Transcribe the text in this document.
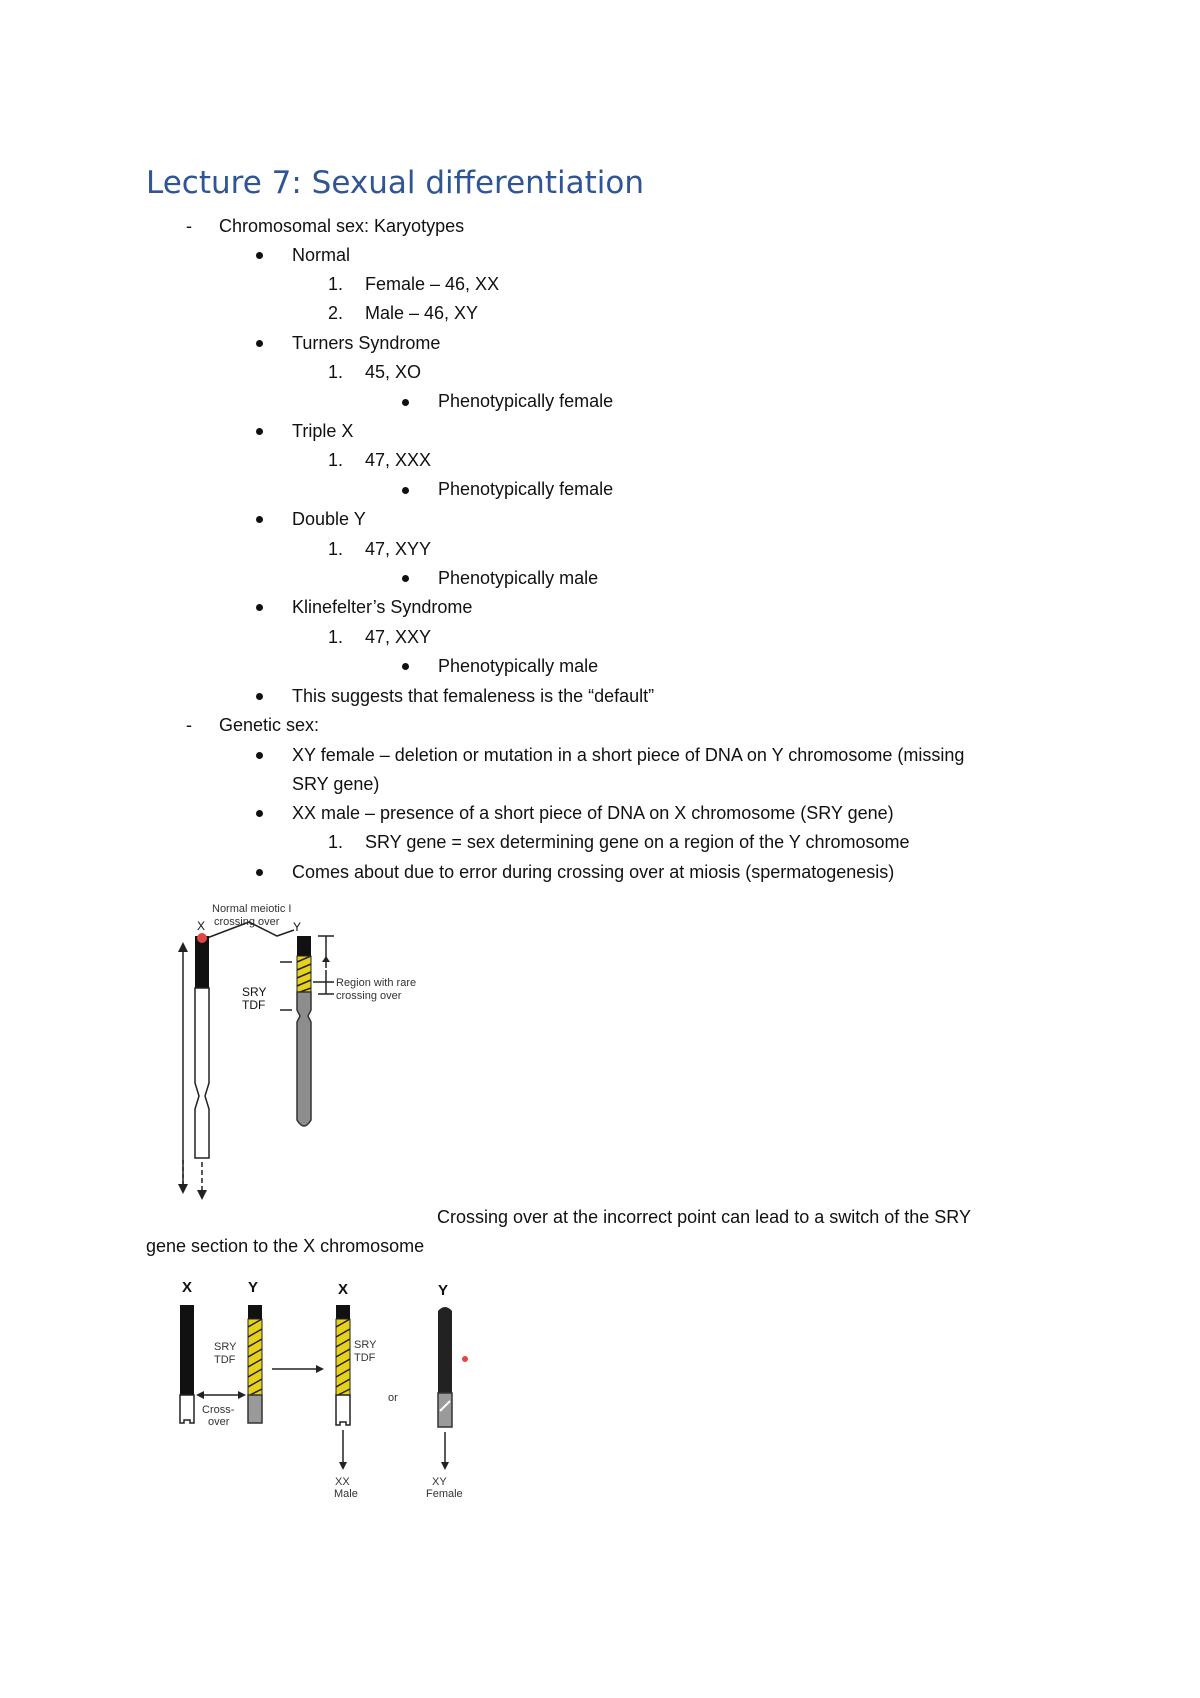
Lecture 7: Sexual differentiation
- Chromosomal sex: Karyotypes
Normal
1. Female – 46, XX
2. Male – 46, XY
Turners Syndrome
1. 45, XO
Phenotypically female
Triple X
1. 47, XXX
Phenotypically female
Double Y
1. 47, XYY
Phenotypically male
Klinefelter’s Syndrome
1. 47, XXY
Phenotypically male
This suggests that femaleness is the “default”
- Genetic sex:
XY female – deletion or mutation in a short piece of DNA on Y chromosome (missing
SRY gene)
XX male – presence of a short piece of DNA on X chromosome (SRY gene)
1. SRY gene = sex determining gene on a region of the Y chromosome
Comes about due to error during crossing over at miosis (spermatogenesis)
Normal meiotic I
crossing over
X	Y
SRY
TDF
Region with rare
crossing over
Crossing over at the incorrect point can lead to a switch of the SRY
gene section to the X chromosome
X	Y
SRY
TDF
Cross-
over
X
SRY
TDF
XX
Male
or
Y
XY
Female
